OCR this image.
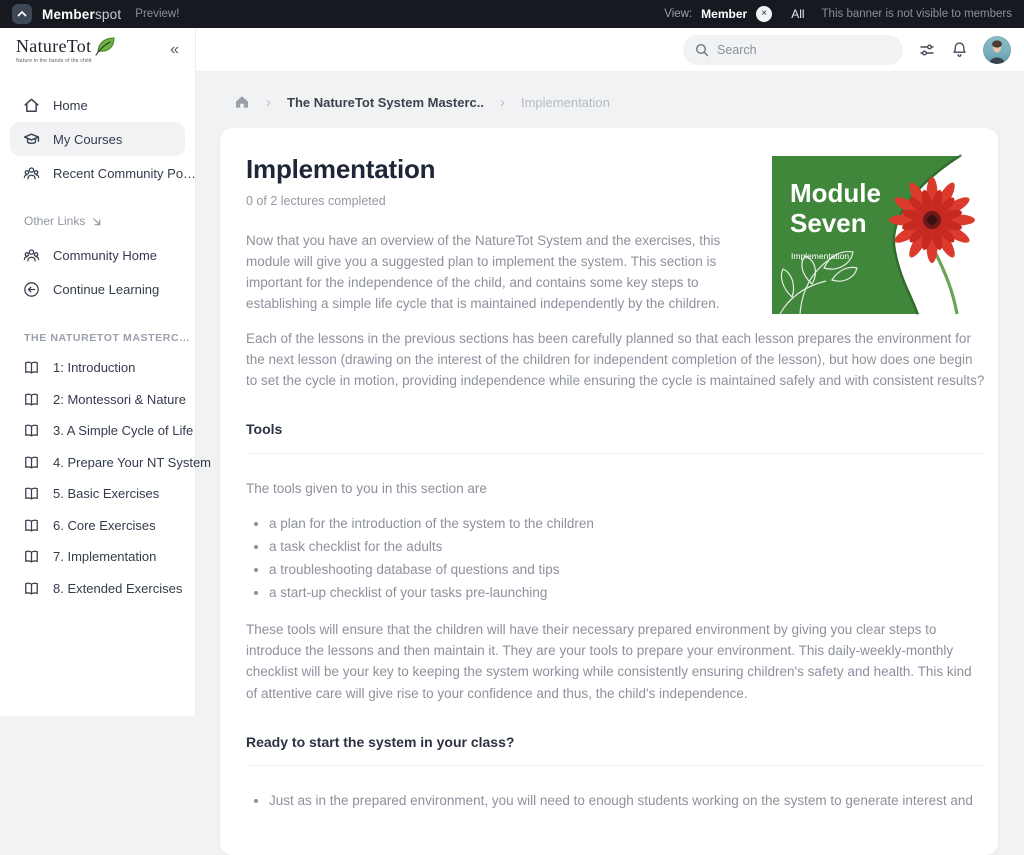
Memberspot Preview!	View: Member × All This banner is not visible to members
NatureTot
Nature in the hands of the child
«
Home
My Courses
Recent Community Po…
Other Links
Community Home
Continue Learning
THE NATURETOT MASTERC…
1: Introduction
2: Montessori & Nature
3. A Simple Cycle of Life
4. Prepare Your NT System
5. Basic Exercises
6. Core Exercises
7. Implementation
8. Extended Exercises
Search
› The NatureTot System Masterc.. › Implementation
Module
Seven
Implementation
Implementation
0 of 2 lectures completed

Now that you have an overview of the NatureTot System and the exercises, this module will give you a suggested plan to implement the system. This section is important for the independence of the child, and contains some key steps to establishing a simple life cycle that is maintained independently by the children.

Each of the lessons in the previous sections has been carefully planned so that each lesson prepares the environment for the next lesson (drawing on the interest of the children for independent completion of the lesson), but how does one begin to set the cycle in motion, providing independence while ensuring the cycle is maintained safely and with consistent results?

Tools

The tools given to you in this section are

• a plan for the introduction of the system to the children
• a task checklist for the adults
• a troubleshooting database of questions and tips
• a start-up checklist of your tasks pre-launching

These tools will ensure that the children will have their necessary prepared environment by giving you clear steps to introduce the lessons and then maintain it. They are your tools to prepare your environment. This daily-weekly-monthly checklist will be your key to keeping the system working while consistently ensuring children's safety and health. This kind of attentive care will give rise to your confidence and thus, the child's independence.

Ready to start the system in your class?
• Just as in the prepared environment, you will need to enough students working on the system to generate interest and
